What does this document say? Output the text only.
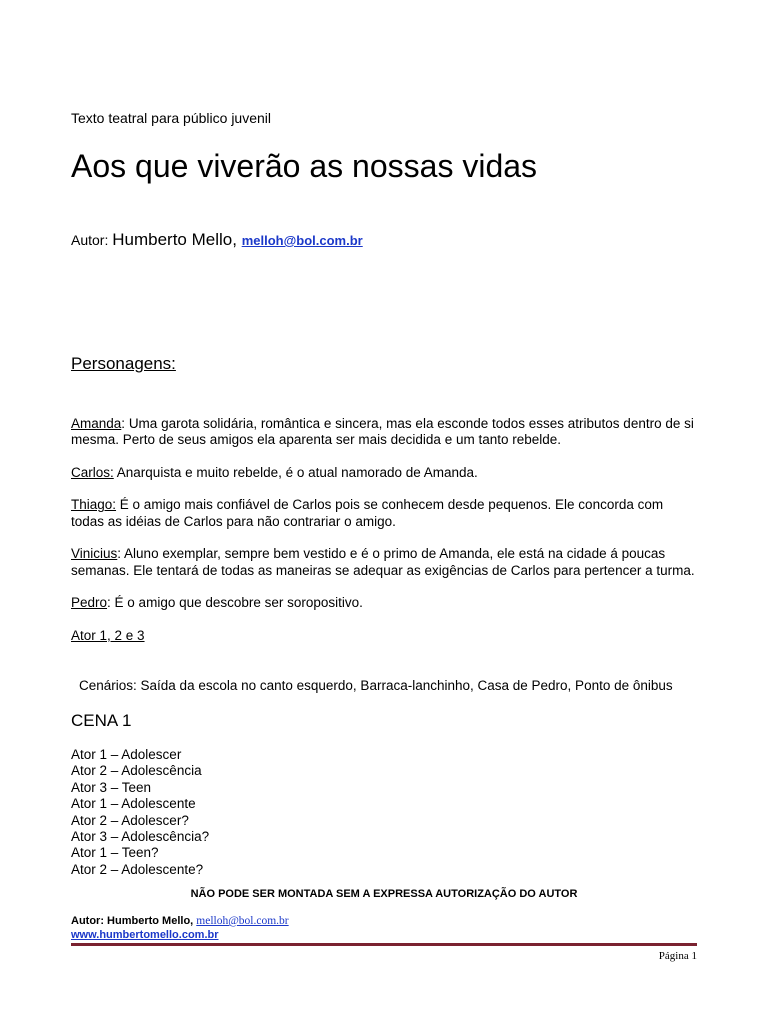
Texto teatral para público juvenil
Aos que viverão as nossas vidas
Autor: Humberto Mello, melloh@bol.com.br
Personagens:

Amanda: Uma garota solidária, romântica e sincera, mas ela esconde todos esses atributos dentro de si mesma. Perto de seus amigos ela aparenta ser mais decidida e um tanto rebelde.

Carlos: Anarquista e muito rebelde, é o atual namorado de Amanda.

Thiago: É o amigo mais confiável de Carlos pois se conhecem desde pequenos. Ele concorda com todas as idéias de Carlos para não contrariar o amigo.

Vinicius: Aluno exemplar, sempre bem vestido e é o primo de Amanda, ele está na cidade á poucas semanas. Ele tentará de todas as maneiras se adequar as exigências de Carlos para pertencer a turma.

Pedro: É o amigo que descobre ser soropositivo.

Ator 1, 2 e 3

Cenários: Saída da escola no canto esquerdo, Barraca-lanchinho, Casa de Pedro, Ponto de ônibus
CENA 1
Ator 1 – Adolescer
Ator 2 – Adolescência
Ator 3 – Teen
Ator 1 – Adolescente
Ator 2 – Adolescer?
Ator 3 – Adolescência?
Ator 1 – Teen?
Ator 2 – Adolescente?
NÃO PODE SER MONTADA SEM A EXPRESSA AUTORIZAÇÃO DO AUTOR
Autor: Humberto Mello, melloh@bol.com.br
www.humbertomello.com.br
Página 1
